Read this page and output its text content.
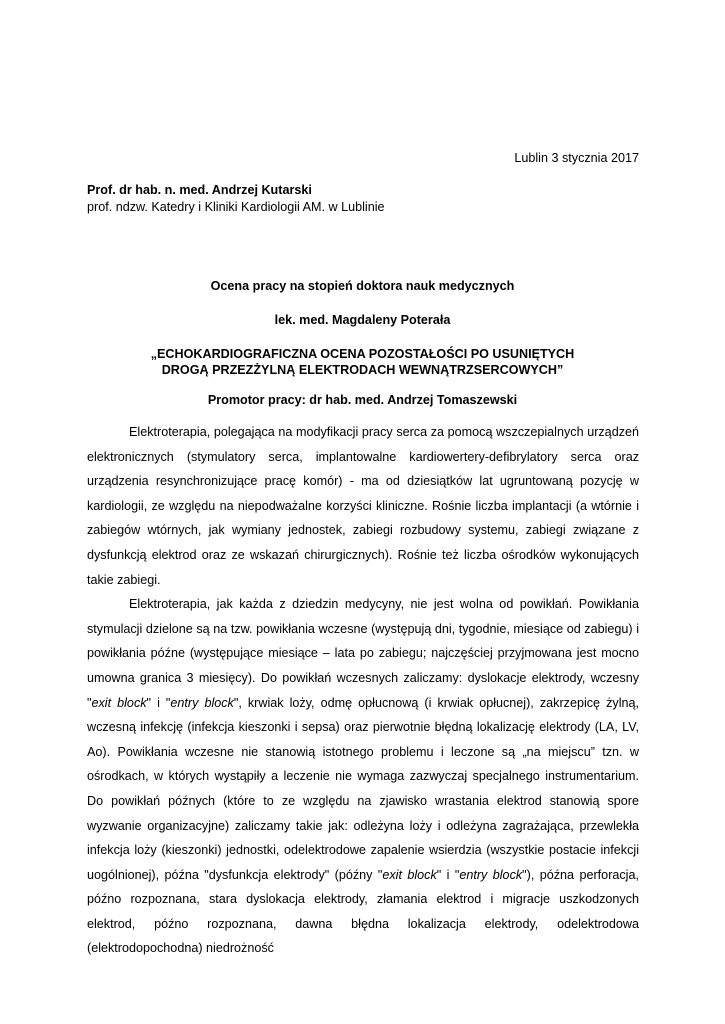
Lublin 3 stycznia 2017
Prof. dr hab. n. med. Andrzej Kutarski
prof. ndzw. Katedry i Kliniki Kardiologii AM. w Lublinie
Ocena pracy na stopień doktora nauk medycznych
lek. med. Magdaleny Poterała
„ECHOKARDIOGRAFICZNA OCENA POZOSTAŁOŚCI PO USUNIĘTYCH
DROGĄ PRZEZŻYLNĄ ELEKTRODACH WEWNĄTRZSERCOWYCH”
Promotor pracy: dr hab. med. Andrzej Tomaszewski

Elektroterapia, polegająca na modyfikacji pracy serca za pomocą wszczepialnych urządzeń elektronicznych (stymulatory serca, implantowalne kardiowertery-defibrylatory serca oraz urządzenia resynchronizujące pracę komór) - ma od dziesiątków lat ugruntowaną pozycję w kardiologii, ze względu na niepodważalne korzyści kliniczne. Rośnie liczba implantacji (a wtórnie i zabiegów wtórnych, jak wymiany jednostek, zabiegi rozbudowy systemu, zabiegi związane z dysfunkcją elektrod oraz ze wskazań chirurgicznych). Rośnie też liczba ośrodków wykonujących takie zabiegi.

Elektroterapia, jak każda z dziedzin medycyny, nie jest wolna od powikłań. Powikłania stymulacji dzielone są na tzw. powikłania wczesne (występują dni, tygodnie, miesiące od zabiegu) i powikłania późne (występujące miesiące – lata po zabiegu; najczęściej przyjmowana jest mocno umowna granica 3 miesięcy). Do powikłań wczesnych zaliczamy: dyslokacje elektrody, wczesny "exit block" i "entry block", krwiak loży, odmę opłucnową (i krwiak opłucnej), zakrzepicę żylną, wczesną infekcję (infekcja kieszonki i sepsa) oraz pierwotnie błędną lokalizację elektrody (LA, LV, Ao). Powikłania wczesne nie stanowią istotnego problemu i leczone są „na miejscu” tzn. w ośrodkach, w których wystąpiły a leczenie nie wymaga zazwyczaj specjalnego instrumentarium. Do powikłań późnych (które to ze względu na zjawisko wrastania elektrod stanowią spore wyzwanie organizacyjne) zaliczamy takie jak: odleżyna loży i odleżyna zagrażająca, przewlekła infekcja loży (kieszonki) jednostki, odelektrodowe zapalenie wsierdzia (wszystkie postacie infekcji uogólnionej), późna "dysfunkcja elektrody" (późny "exit block" i "entry block"), późna perforacja, późno rozpoznana, stara dyslokacja elektrody, złamania elektrod i migracje uszkodzonych elektrod, późno rozpoznana, dawna błędna lokalizacja elektrody, odelektrodowa (elektrodopochodna) niedrożność
